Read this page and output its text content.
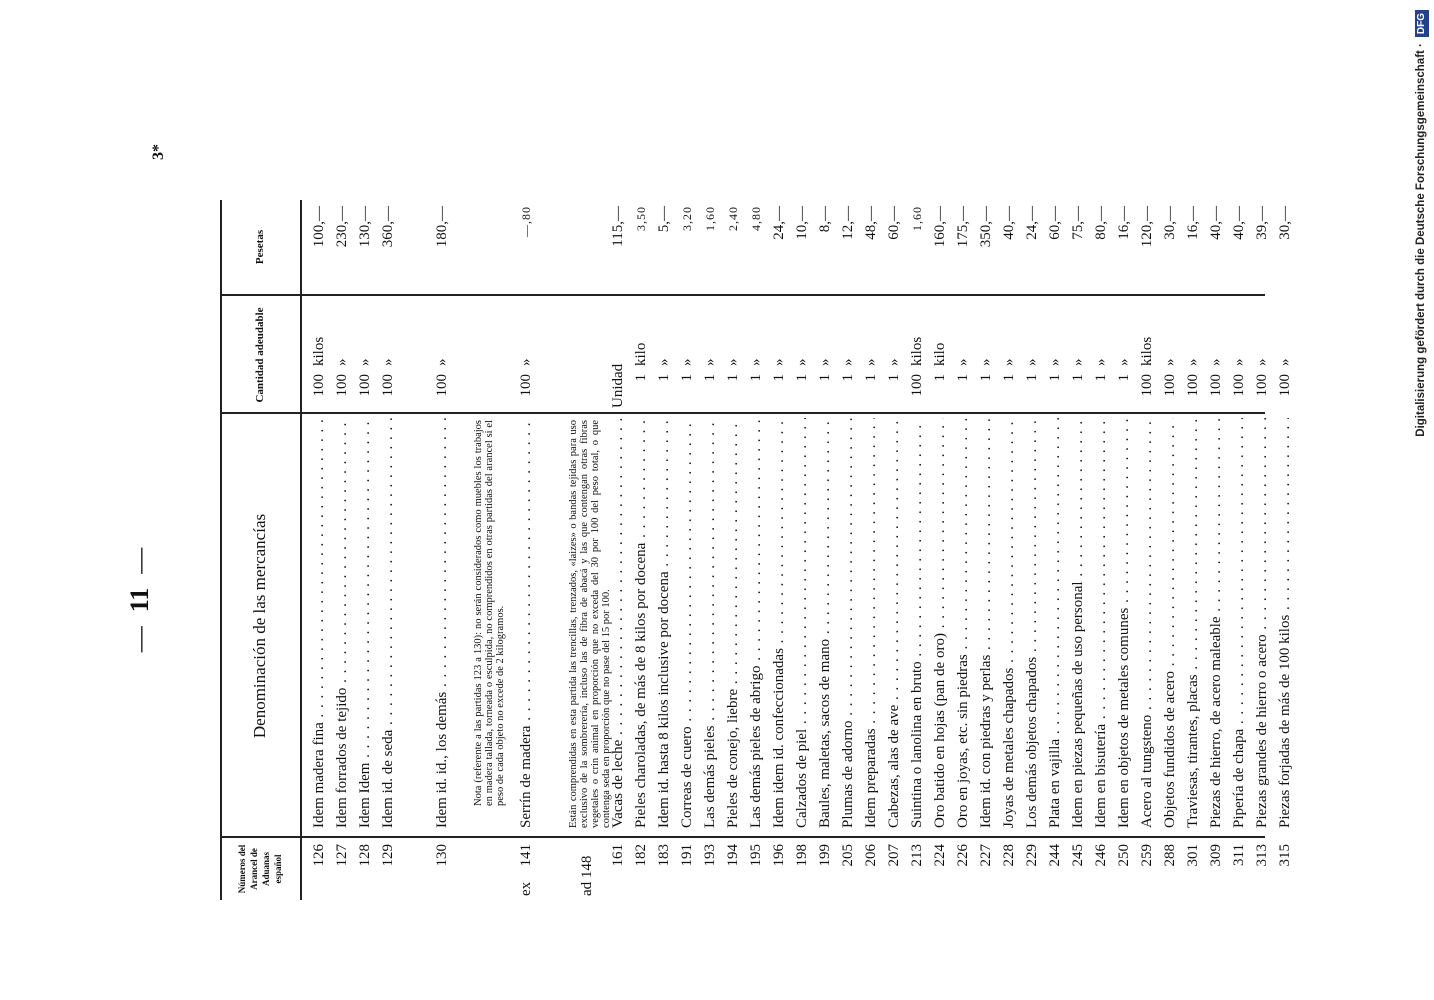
—11—
Números del Arancel de Aduanas español
Denominación de las mercancías
Cantidad adeudable
Pesetas
126
Idem madera fina . . .
100kilos
100,—
127
Idem forrados de tejido . . .
100»
230,—
128
Idem Idem . . .
100»
130,—
129
Idem id. de seda . . .
100»
360,—
130
Idem id. id., los demás . . .
100»
180,—
ex
141
Serrín de madera . . .
100»
—,80
161
Vacas de leche . . .
Unidad
115,—
182
Pieles charoladas, de más de 8 kilos por docena . . .
1kilo
3,50
183
Idem id. hasta 8 kilos inclusive por docena . . .
1»
5,—
191
Correas de cuero . . .
1»
3,20
193
Las demás pieles . . .
1»
1,60
194
Pieles de conejo, liebre . . .
1»
2,40
195
Las demás pieles de abrigo . . .
1»
4,80
196
Idem idem id. confeccionadas . . .
1»
24,—
198
Calzados de piel . . .
1»
10,—
199
Baules, maletas, sacos de mano . . .
1»
8,—
205
Plumas de adorno . . .
1»
12,—
206
Idem preparadas . . .
1»
48,—
207
Cabezas, alas de ave . . .
1»
60,—
213
Suintina o lanolina en bruto . . .
100kilos
1,60
224
Oro batido en hojas (pan de oro) . . .
1kilo
160,—
226
Oro en joyas, etc. sin piedras . . .
1»
175,—
227
Idem id. con piedras y perlas . . .
1»
350,—
228
Joyas de metales chapados . . .
1»
40,—
229
Los demás objetos chapados . . .
1»
24,—
244
Plata en vajilla . . .
1»
60,—
245
Idem en piezas pequeñas de uso personal . . .
1»
75,—
246
Idem en bisutería . . .
1»
80,—
250
Idem en objetos de metales comunes . . .
1»
16,—
259
Acero al tungsteno . . .
100kilos
120,—
288
Objetos fundidos de acero . . .
100»
30,—
301
Traviesas, tirantes, placas . . .
100»
16,—
309
Piezas de hierro, de acero maleable . . .
100»
40,—
311
Pipería de chapa . . .
100»
40,—
313
Piezas grandes de hierro o acero . . .
100»
39,—
315
Piezas forjadas de más de 100 kilos . . .
100»
30,—
Nota (referente a las partidas 123 a 130): no serán considerados como muebles los trabajos en madera tallada, torneada o esculpida, no comprendidos en otras partidas del arancel si el peso de cada objeto no excede de 2 kilogramos.
ad 148
Están comprendidas en esta partida las trencillas, trenzados, «laizes» o bandas tejidas para uso exclusivo de la sombrerería, incluso las de fibra de abacá y las que contengan otras fibras vegetales o crin animal en proporción que no exceda del 30 por 100 del peso total, o que contenga seda en proporción que no pase del 15 por 100.
3*	Digitalisierung gefördert durch die Deutsche Forschungsgemeinschaft ·DFG
